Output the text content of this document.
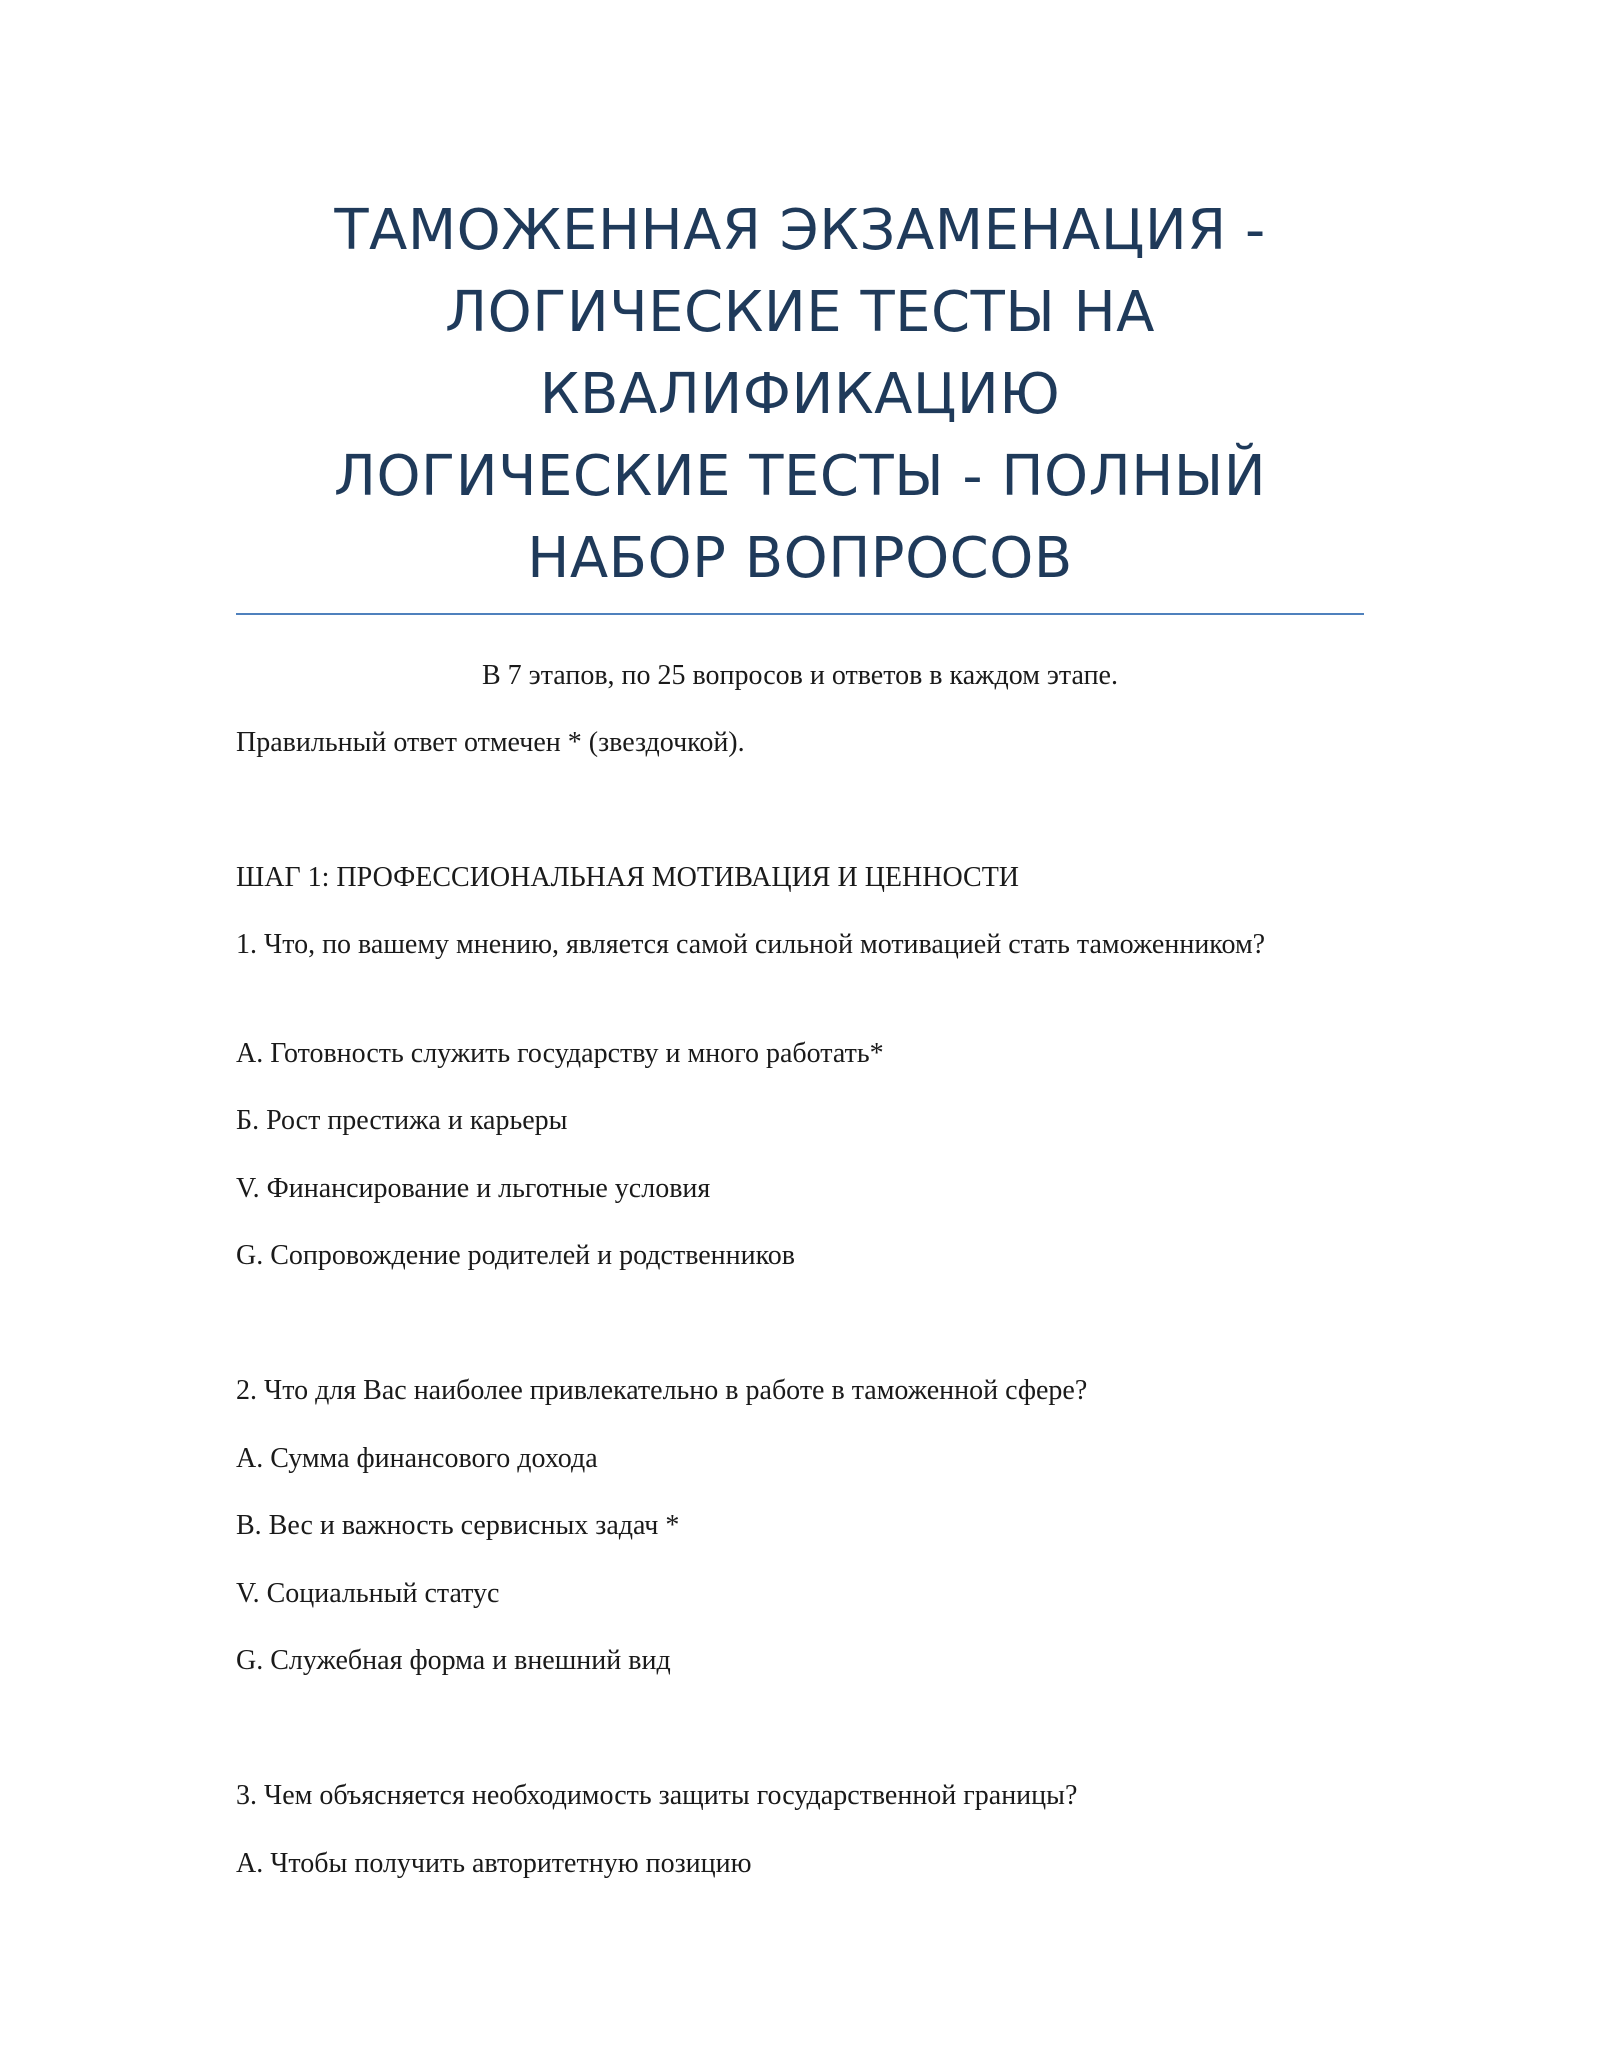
ТАМОЖЕННАЯ ЭКЗАМЕНАЦИЯ -
ЛОГИЧЕСКИЕ ТЕСТЫ НА
КВАЛИФИКАЦИЮ
ЛОГИЧЕСКИЕ ТЕСТЫ - ПОЛНЫЙ
НАБОР ВОПРОСОВ
В 7 этапов, по 25 вопросов и ответов в каждом этапе.
Правильный ответ отмечен * (звездочкой).
ШАГ 1: ПРОФЕССИОНАЛЬНАЯ МОТИВАЦИЯ И ЦЕННОСТИ
1. Что, по вашему мнению, является самой сильной мотивацией стать таможенником?
A. Готовность служить государству и много работать*
Б. Рост престижа и карьеры
V. Финансирование и льготные условия
G. Сопровождение родителей и родственников
2. Что для Вас наиболее привлекательно в работе в таможенной сфере?
A. Сумма финансового дохода
B. Вес и важность сервисных задач *
V. Социальный статус
G. Служебная форма и внешний вид
3. Чем объясняется необходимость защиты государственной границы?
A. Чтобы получить авторитетную позицию
